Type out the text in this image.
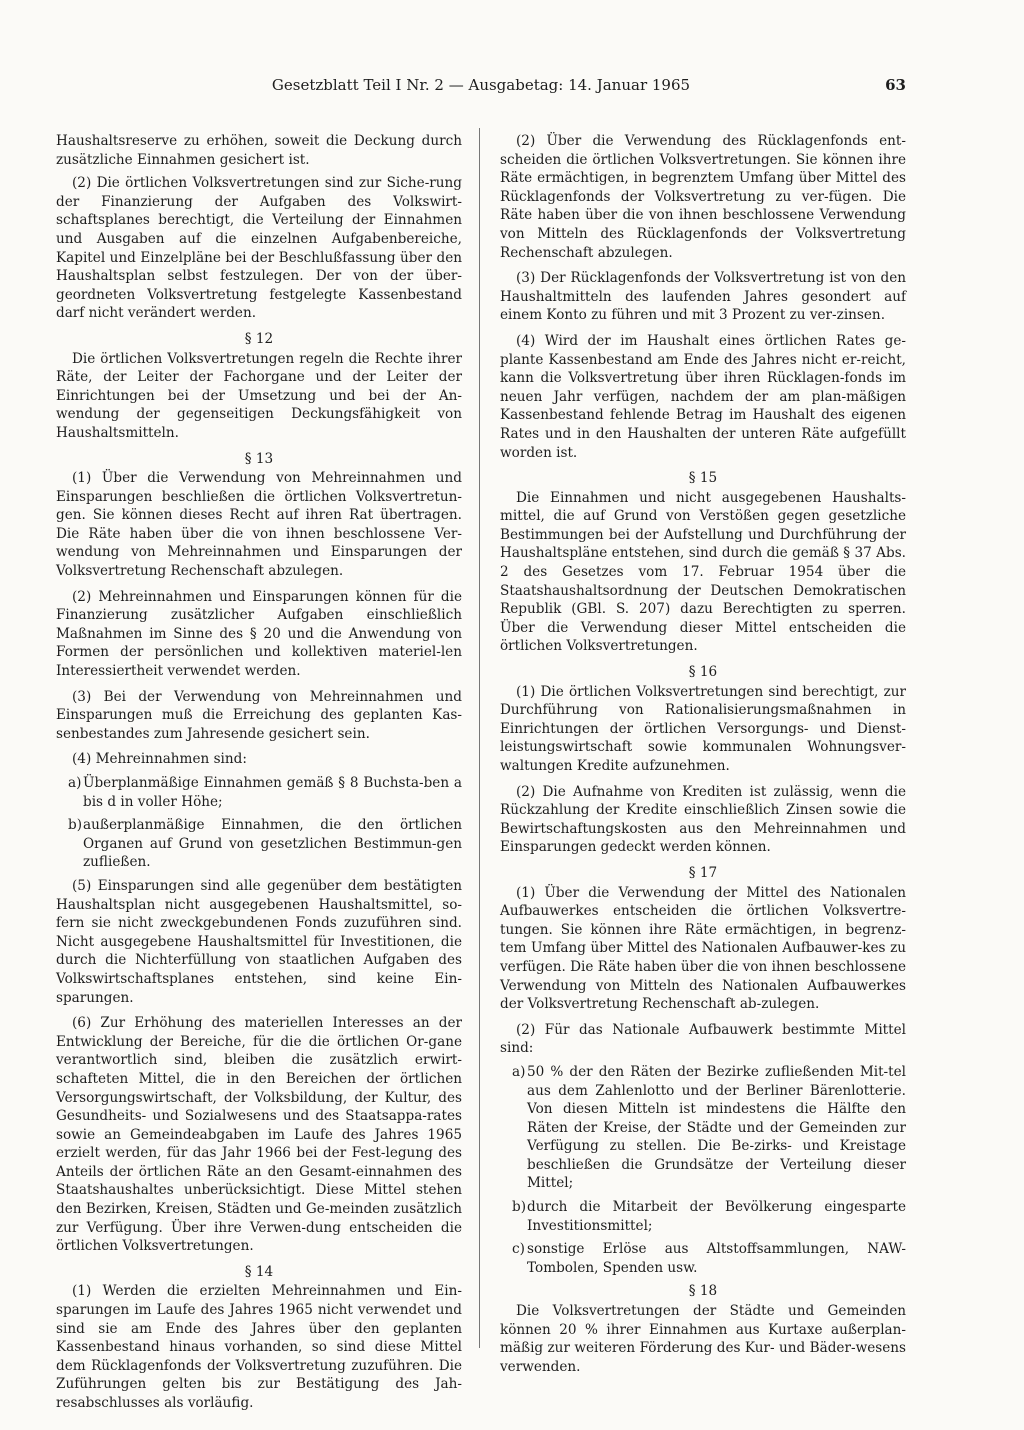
Gesetzblatt Teil I Nr. 2 — Ausgabetag: 14. Januar 1965	63

Haushaltsreserve zu erhöhen, soweit die Deckung durch zusätzliche Einnahmen gesichert ist.

(2) Die örtlichen Volksvertretungen sind zur Siche-rung der Finanzierung der Aufgaben des Volkswirt-schaftsplanes berechtigt, die Verteilung der Einnahmen und Ausgaben auf die einzelnen Aufgabenbereiche, Kapitel und Einzelpläne bei der Beschlußfassung über den Haushaltsplan selbst festzulegen. Der von der über-geordneten Volksvertretung festgelegte Kassenbestand darf nicht verändert werden.

§ 12

Die örtlichen Volksvertretungen regeln die Rechte ihrer Räte, der Leiter der Fachorgane und der Leiter der Einrichtungen bei der Umsetzung und bei der An-wendung der gegenseitigen Deckungsfähigkeit von Haushaltsmitteln.

§ 13

(1) Über die Verwendung von Mehreinnahmen und Einsparungen beschließen die örtlichen Volksvertretun-gen. Sie können dieses Recht auf ihren Rat übertragen. Die Räte haben über die von ihnen beschlossene Ver-wendung von Mehreinnahmen und Einsparungen der Volksvertretung Rechenschaft abzulegen.

(2) Mehreinnahmen und Einsparungen können für die Finanzierung zusätzlicher Aufgaben einschließlich Maßnahmen im Sinne des § 20 und die Anwendung von Formen der persönlichen und kollektiven materiel-len Interessiertheit verwendet werden.

(3) Bei der Verwendung von Mehreinnahmen und Einsparungen muß die Erreichung des geplanten Kas-senbestandes zum Jahresende gesichert sein.

(4) Mehreinnahmen sind:

a) Überplanmäßige Einnahmen gemäß § 8 Buchsta-ben a bis d in voller Höhe;
b) außerplanmäßige Einnahmen, die den örtlichen Organen auf Grund von gesetzlichen Bestimmun-gen zufließen.

(5) Einsparungen sind alle gegenüber dem bestätigten Haushaltsplan nicht ausgegebenen Haushaltsmittel, so-fern sie nicht zweckgebundenen Fonds zuzuführen sind. Nicht ausgegebene Haushaltsmittel für Investitionen, die durch die Nichterfüllung von staatlichen Aufgaben des Volkswirtschaftsplanes entstehen, sind keine Ein-sparungen.

(6) Zur Erhöhung des materiellen Interesses an der Entwicklung der Bereiche, für die die örtlichen Or-gane verantwortlich sind, bleiben die zusätzlich erwirt-schafteten Mittel, die in den Bereichen der örtlichen Versorgungswirtschaft, der Volksbildung, der Kultur, des Gesundheits- und Sozialwesens und des Staatsappa-rates sowie an Gemeindeabgaben im Laufe des Jahres 1965 erzielt werden, für das Jahr 1966 bei der Fest-legung des Anteils der örtlichen Räte an den Gesamt-einnahmen des Staatshaushaltes unberücksichtigt. Diese Mittel stehen den Bezirken, Kreisen, Städten und Ge-meinden zusätzlich zur Verfügung. Über ihre Verwen-dung entscheiden die örtlichen Volksvertretungen.

§ 14

(1) Werden die erzielten Mehreinnahmen und Ein-sparungen im Laufe des Jahres 1965 nicht verwendet und sind sie am Ende des Jahres über den geplanten Kassenbestand hinaus vorhanden, so sind diese Mittel dem Rücklagenfonds der Volksvertretung zuzuführen. Die Zuführungen gelten bis zur Bestätigung des Jah-resabschlusses als vorläufig.

(2) Über die Verwendung des Rücklagenfonds ent-scheiden die örtlichen Volksvertretungen. Sie können ihre Räte ermächtigen, in begrenztem Umfang über Mittel des Rücklagenfonds der Volksvertretung zu ver-fügen. Die Räte haben über die von ihnen beschlossene Verwendung von Mitteln des Rücklagenfonds der Volksvertretung Rechenschaft abzulegen.

(3) Der Rücklagenfonds der Volksvertretung ist von den Haushaltmitteln des laufenden Jahres gesondert auf einem Konto zu führen und mit 3 Prozent zu ver-zinsen.

(4) Wird der im Haushalt eines örtlichen Rates ge-plante Kassenbestand am Ende des Jahres nicht er-reicht, kann die Volksvertretung über ihren Rücklagen-fonds im neuen Jahr verfügen, nachdem der am plan-mäßigen Kassenbestand fehlende Betrag im Haushalt des eigenen Rates und in den Haushalten der unteren Räte aufgefüllt worden ist.

§ 15

Die Einnahmen und nicht ausgegebenen Haushalts-mittel, die auf Grund von Verstößen gegen gesetzliche Bestimmungen bei der Aufstellung und Durchführung der Haushaltspläne entstehen, sind durch die gemäß § 37 Abs. 2 des Gesetzes vom 17. Februar 1954 über die Staatshaushaltsordnung der Deutschen Demokratischen Republik (GBl. S. 207) dazu Berechtigten zu sperren. Über die Verwendung dieser Mittel entscheiden die örtlichen Volksvertretungen.

§ 16

(1) Die örtlichen Volksvertretungen sind berechtigt, zur Durchführung von Rationalisierungsmaßnahmen in Einrichtungen der örtlichen Versorgungs- und Dienst-leistungswirtschaft sowie kommunalen Wohnungsver-waltungen Kredite aufzunehmen.

(2) Die Aufnahme von Krediten ist zulässig, wenn die Rückzahlung der Kredite einschließlich Zinsen sowie die Bewirtschaftungskosten aus den Mehreinnahmen und Einsparungen gedeckt werden können.

§ 17

(1) Über die Verwendung der Mittel des Nationalen Aufbauwerkes entscheiden die örtlichen Volksvertre-tungen. Sie können ihre Räte ermächtigen, in begrenz-tem Umfang über Mittel des Nationalen Aufbauwer-kes zu verfügen. Die Räte haben über die von ihnen beschlossene Verwendung von Mitteln des Nationalen Aufbauwerkes der Volksvertretung Rechenschaft ab-zulegen.

(2) Für das Nationale Aufbauwerk bestimmte Mittel sind:

a) 50 % der den Räten der Bezirke zufließenden Mit-tel aus dem Zahlenlotto und der Berliner Bärenlotterie. Von diesen Mitteln ist mindestens die Hälfte den Räten der Kreise, der Städte und der Gemeinden zur Verfügung zu stellen. Die Be-zirks- und Kreistage beschließen die Grundsätze der Verteilung dieser Mittel;
b) durch die Mitarbeit der Bevölkerung eingesparte Investitionsmittel;
c) sonstige Erlöse aus Altstoffsammlungen, NAW-Tombolen, Spenden usw.
§ 18

Die Volksvertretungen der Städte und Gemeinden können 20 % ihrer Einnahmen aus Kurtaxe außerplan-mäßig zur weiteren Förderung des Kur- und Bäder-wesens verwenden.
